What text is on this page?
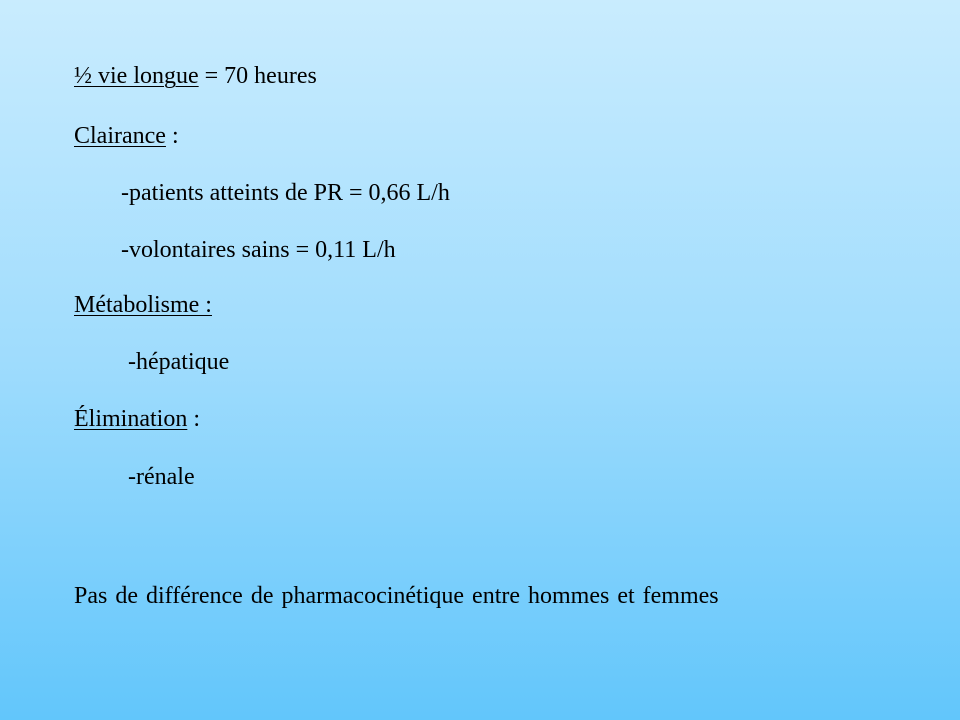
½ vie longue = 70 heures
Clairance :
-patients atteints de PR = 0,66 L/h
-volontaires sains = 0,11 L/h
Métabolisme :
-hépatique
Élimination :
-rénale
Pas de différence de pharmacocinétique entre hommes et femmes
